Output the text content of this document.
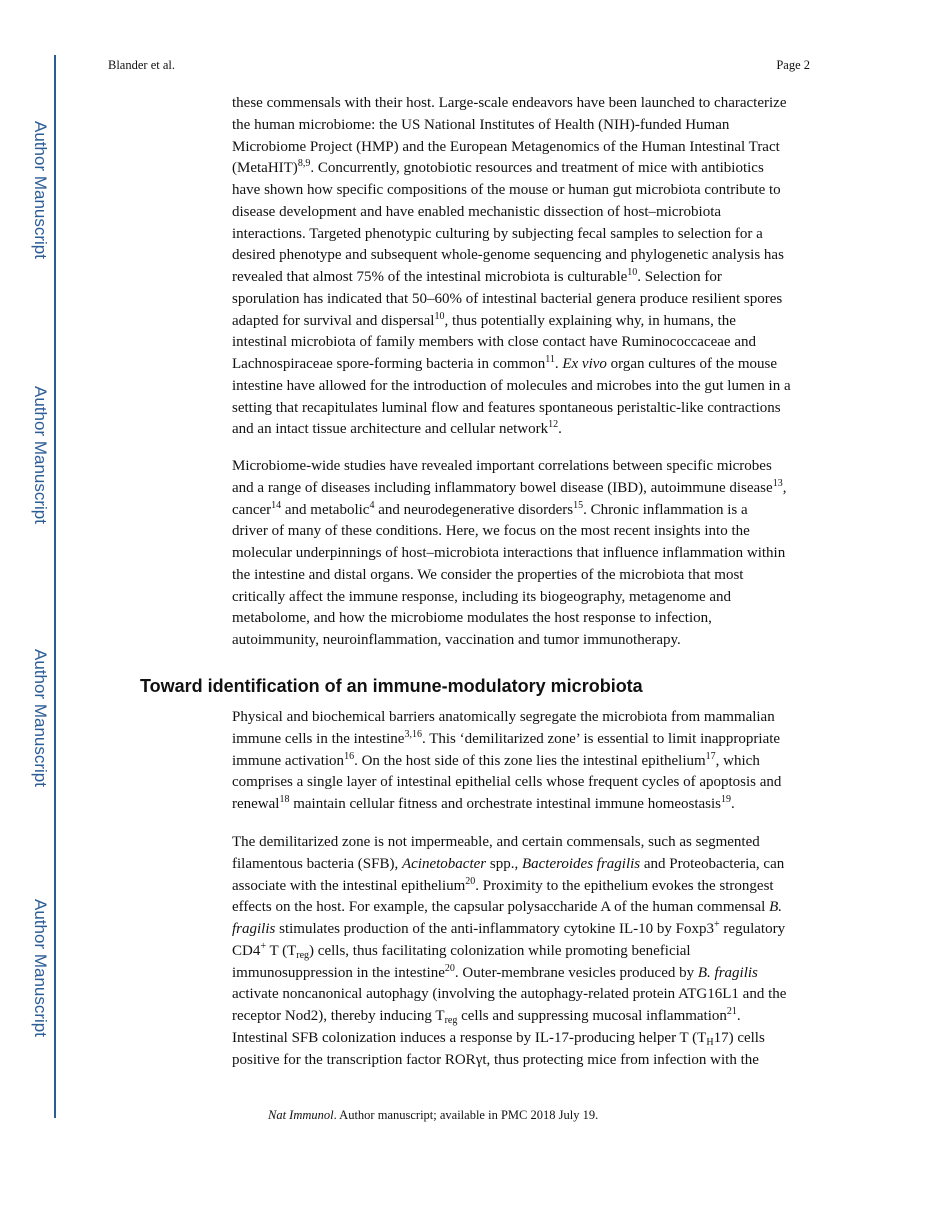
Author Manuscript
Author Manuscript
Author Manuscript
Author Manuscript
Blander et al.	Page 2
these commensals with their host. Large-scale endeavors have been launched to characterize
the human microbiome: the US National Institutes of Health (NIH)-funded Human
Microbiome Project (HMP) and the European Metagenomics of the Human Intestinal Tract
(MetaHIT)$^{8,9}$. Concurrently, gnotobiotic resources and treatment of mice with antibiotics
have shown how specific compositions of the mouse or human gut microbiota contribute to
disease development and have enabled mechanistic dissection of host–microbiota
interactions. Targeted phenotypic culturing by subjecting fecal samples to selection for a
desired phenotype and subsequent whole-genome sequencing and phylogenetic analysis has
revealed that almost 75% of the intestinal microbiota is culturable$^{10}$. Selection for
sporulation has indicated that 50–60% of intestinal bacterial genera produce resilient spores
adapted for survival and dispersal$^{10}$, thus potentially explaining why, in humans, the
intestinal microbiota of family members with close contact have Ruminococcaceae and
Lachnospiraceae spore-forming bacteria in common$^{11}$. Ex vivo organ cultures of the mouse
intestine have allowed for the introduction of molecules and microbes into the gut lumen in a
setting that recapitulates luminal flow and features spontaneous peristaltic-like contractions
and an intact tissue architecture and cellular network$^{12}$.
Microbiome-wide studies have revealed important correlations between specific microbes
and a range of diseases including inflammatory bowel disease (IBD), autoimmune disease$^{13}$,
cancer$^{14}$ and metabolic$^4$ and neurodegenerative disorders$^{15}$. Chronic inflammation is a
driver of many of these conditions. Here, we focus on the most recent insights into the
molecular underpinnings of host–microbiota interactions that influence inflammation within
the intestine and distal organs. We consider the properties of the microbiota that most
critically affect the immune response, including its biogeography, metagenome and
metabolome, and how the microbiome modulates the host response to infection,
autoimmunity, neuroinflammation, vaccination and tumor immunotherapy.
Toward identification of an immune-modulatory microbiota
Physical and biochemical barriers anatomically segregate the microbiota from mammalian
immune cells in the intestine$^{3,16}$. This ‘demilitarized zone’ is essential to limit inappropriate
immune activation$^{16}$. On the host side of this zone lies the intestinal epithelium$^{17}$, which
comprises a single layer of intestinal epithelial cells whose frequent cycles of apoptosis and
renewal$^{18}$ maintain cellular fitness and orchestrate intestinal immune homeostasis$^{19}$.
The demilitarized zone is not impermeable, and certain commensals, such as segmented
filamentous bacteria (SFB), Acinetobacter spp., Bacteroides fragilis and Proteobacteria, can
associate with the intestinal epithelium$^{20}$. Proximity to the epithelium evokes the strongest
effects on the host. For example, the capsular polysaccharide A of the human commensal B.
fragilis stimulates production of the anti-inflammatory cytokine IL-10 by Foxp3+ regulatory
CD4+ T $(T_{reg})$ cells, thus facilitating colonization while promoting beneficial
immunosuppression in the intestine$^{20}$. Outer-membrane vesicles produced by B. fragilis
activate noncanonical autophagy (involving the autophagy-related protein ATG16L1 and the
receptor Nod2), thereby inducing $T_{reg}$ cells and suppressing mucosal inflammation$^{21}$.
Intestinal SFB colonization induces a response by IL-17-producing helper T $(T_H17)$ cells
positive for the transcription factor RORγt, thus protecting mice from infection with the
Nat Immunol. Author manuscript; available in PMC 2018 July 19.
